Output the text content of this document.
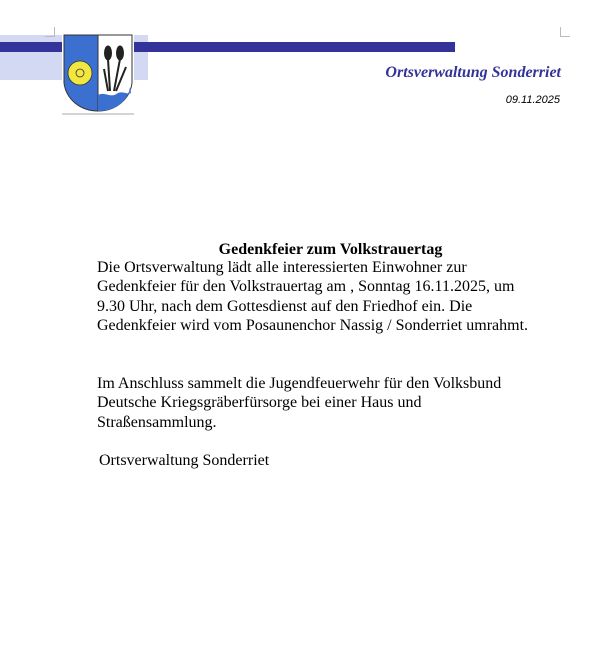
Ortsverwaltung Sonderriet
09.11.2025
Gedenkfeier zum Volkstrauertag
Die Ortsverwaltung lädt alle interessierten Einwohner zur
Gedenkfeier für den Volkstrauertag am , Sonntag 16.11.2025, um
9.30 Uhr, nach dem Gottesdienst auf den Friedhof ein. Die
Gedenkfeier wird vom Posaunenchor Nassig / Sonderriet umrahmt.
Im Anschluss sammelt die Jugendfeuerwehr für den Volksbund
Deutsche Kriegsgräberfürsorge bei einer Haus und
Straßensammlung.
Ortsverwaltung Sonderriet
